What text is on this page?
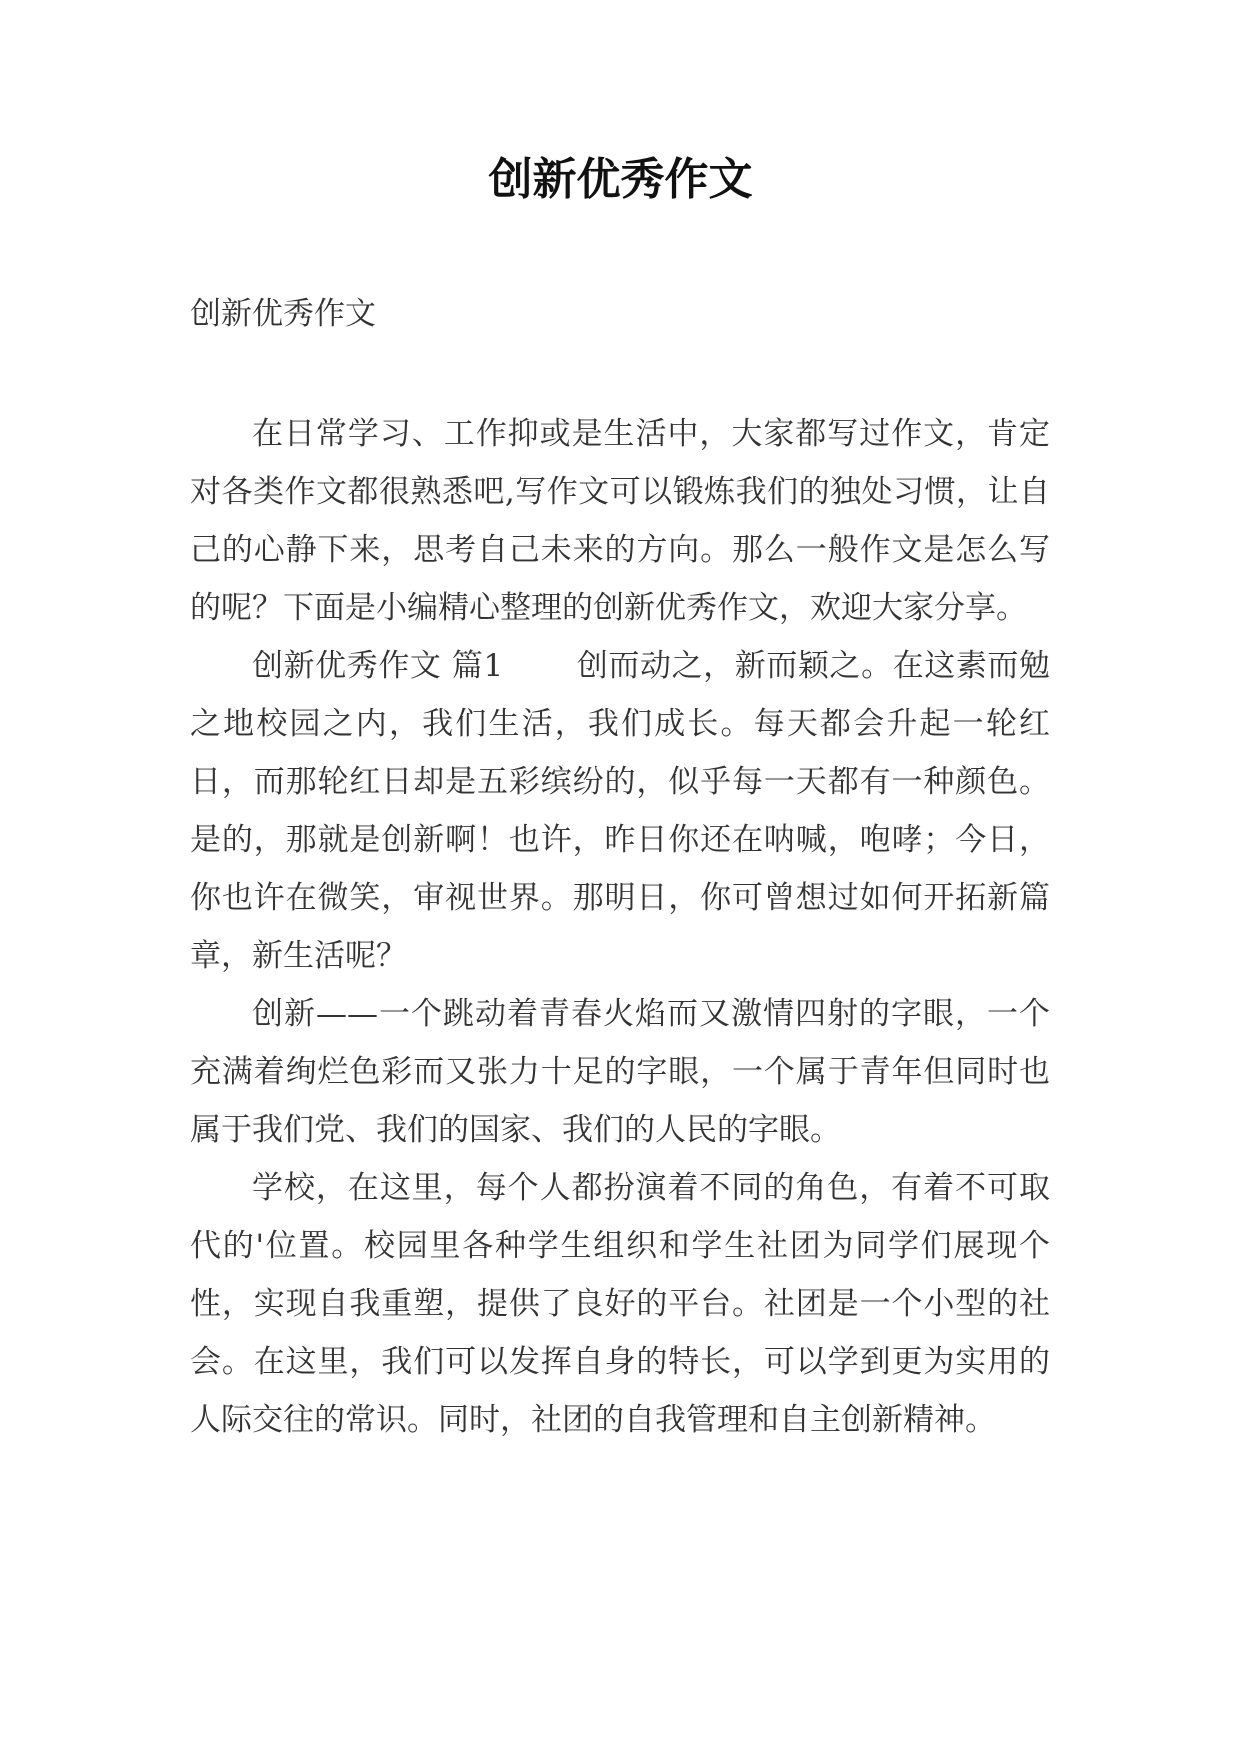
创新优秀作文

创新优秀作文

在日常学习、工作抑或是生活中，大家都写过作文，肯定对各类作文都很熟悉吧,写作文可以锻炼我们的独处习惯，让自己的心静下来，思考自己未来的方向。那么一般作文是怎么写的呢？下面是小编精心整理的创新优秀作文，欢迎大家分享。

创新优秀作文 篇1 　　创而动之，新而颖之。在这素而勉之地校园之内，我们生活，我们成长。每天都会升起一轮红日，而那轮红日却是五彩缤纷的，似乎每一天都有一种颜色。是的，那就是创新啊！也许，昨日你还在呐喊，咆哮；今日，你也许在微笑，审视世界。那明日，你可曾想过如何开拓新篇章，新生活呢？

创新——一个跳动着青春火焰而又激情四射的字眼，一个充满着绚烂色彩而又张力十足的字眼，一个属于青年但同时也属于我们党、我们的国家、我们的人民的字眼。

学校，在这里，每个人都扮演着不同的角色，有着不可取代的'位置。校园里各种学生组织和学生社团为同学们展现个性，实现自我重塑，提供了良好的平台。社团是一个小型的社会。在这里，我们可以发挥自身的特长，可以学到更为实用的人际交往的常识。同时，社团的自我管理和自主创新精神。
